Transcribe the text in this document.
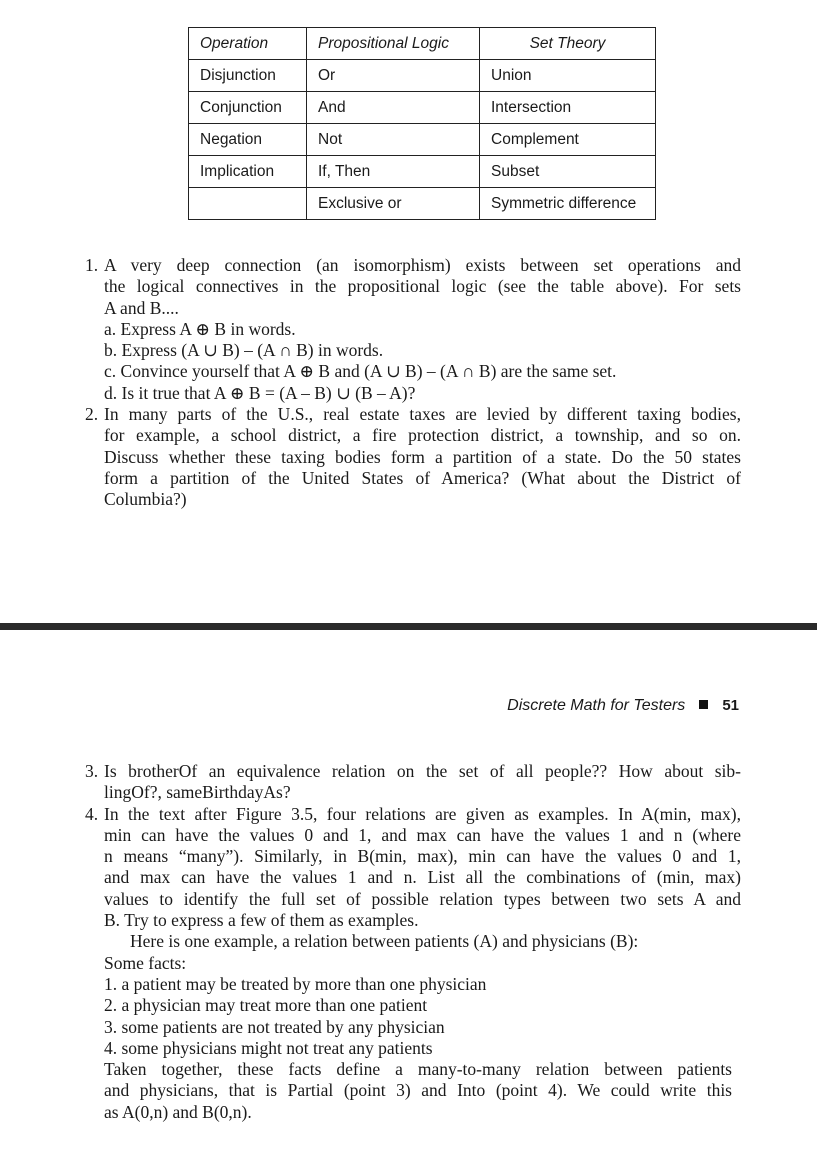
Operation	Propositional Logic	Set Theory
Disjunction	Or	Union
Conjunction	And	Intersection
Negation	Not	Complement
Implication	If, Then	Subset
	Exclusive or	Symmetric difference
1. A very deep connection (an isomorphism) exists between set operations and
the logical connectives in the propositional logic (see the table above). For sets
A and B....
a. Express A ⊕ B in words.
b. Express (A ∪ B) – (A ∩ B) in words.
c. Convince yourself that A ⊕ B and (A ∪ B) – (A ∩ B) are the same set.
d. Is it true that A ⊕ B = (A – B) ∪ (B – A)?
2. In many parts of the U.S., real estate taxes are levied by different taxing bodies,
for example, a school district, a fire protection district, a township, and so on.
Discuss whether these taxing bodies form a partition of a state. Do the 50 states
form a partition of the United States of America? (What about the District of
Columbia?)
Discrete Math for Testers 51
3. Is brotherOf an equivalence relation on the set of all people?? How about sib-
lingOf?, sameBirthdayAs?
4. In the text after Figure 3.5, four relations are given as examples. In A(min, max),
min can have the values 0 and 1, and max can have the values 1 and n (where
n means “many”). Similarly, in B(min, max), min can have the values 0 and 1,
and max can have the values 1 and n. List all the combinations of (min, max)
values to identify the full set of possible relation types between two sets A and
B. Try to express a few of them as examples.
Here is one example, a relation between patients (A) and physicians (B):
Some facts:
1. a patient may be treated by more than one physician
2. a physician may treat more than one patient
3. some patients are not treated by any physician
4. some physicians might not treat any patients
Taken together, these facts define a many-to-many relation between patients
and physicians, that is Partial (point 3) and Into (point 4). We could write this
as A(0,n) and B(0,n).
